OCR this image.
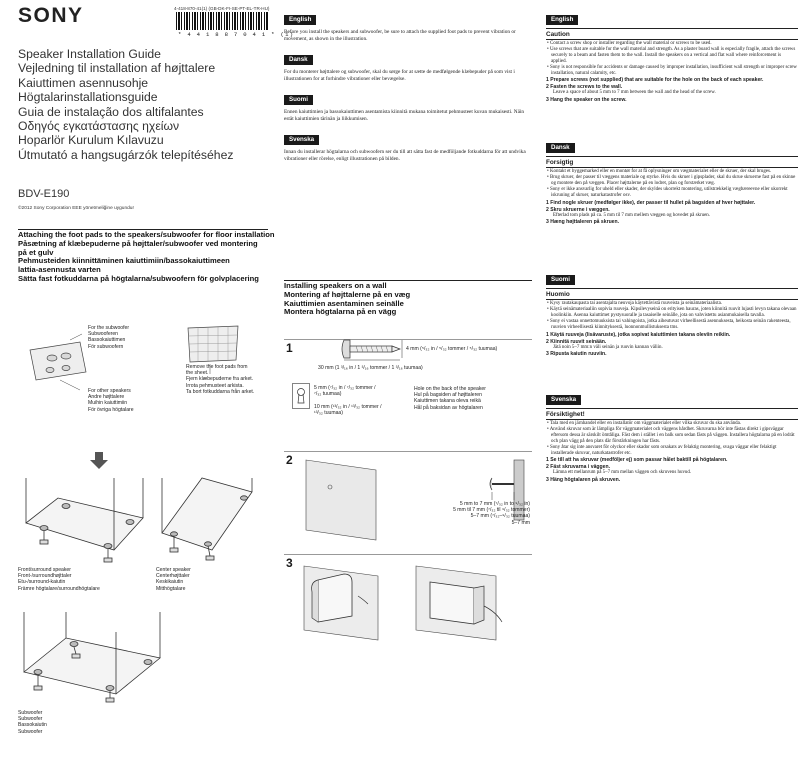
SONY	4-418-870-41(1) (GB-DK-FI-SE-PT-EL-TR-HU)
* 4 4 1 8 8 7 0 4 1 * (1)
Speaker Installation Guide
Vejledning til installation af højttalere
Kaiuttimen asennusohje
Högtalarinstallationsguide
Guia de instalação dos altifalantes
Οδηγός εγκατάστασης ηχείων
Hoparlör Kurulum Kılavuzu
Útmutató a hangsugárzók telepítéséhez
BDV-E190
©2012 Sony Corporation EEE yönetmeliğine uygundur
Attaching the foot pads to the speakers/subwoofer for floor installation
Påsætning af klæbepuderne på højttaler/subwoofer ved montering
på et gulv
Pehmusteiden kiinnittäminen kaiuttimiin/bassokaiuttimeen
lattia-asennusta varten
Sätta fast fotkuddarna på högtalarna/subwoofern för golvplacering
For the subwoofer
Subwooferen
Bassokaiuttimen
För subwoofern
For other speakers
Andre højttalere
Muihin kaiuttimiin
För övriga högtalare
Remove the foot pads from
the sheet.
Fjern klæbepuderne fra arket.
Irrota pehmusteet arkista.
Ta bort fotkuddarna från arket.
Front/surround speaker
Front-/surroundhøjttaler
Etu-/surround-kaiutin
Främre högtalare/surroundhögtalare
Center speaker
Centerhøjttaler
Keskikaiutin
Mitthögtalare
Subwoofer
Subwoofer
Bassokaiutin
Subwoofer
English
Before you install the speakers and subwoofer, be sure to attach the supplied foot pads to prevent vibration or movement, as shown in the illustration.
Dansk
For du monterer højttalere og subwoofer, skal du sørge for at sætte de medfølgende klæbepuder på som vist i illustrationen for at forhindre vibrationer eller bevægelse.
Suomi
Ennen kaiuttimien ja bassokaiuttimen asentamista kiinnitä mukana toimitetut pehmusteet kuvan mukaisesti. Näin estät kaiuttimien tärinän ja liikkumisen.
Svenska
Innan du installerar högtalarna och subwoofern ser du till att sätta fast de medföljande fotkuddarna för att undvika vibrationer eller rörelse, enligt illustrationen på bilden.
Installing speakers on a wall
Montering af højttalerne på en væg
Kaiuttimien asentaminen seinälle
Montera högtalarna på en vägg
1	4 mm (⁵/₃₂ in / ⁵/₃₂ tommer / ⁵/₃₂ tuumaa)
30 mm (1 ³/₁₆ in / 1 ³/₁₆ tommer / 1 ³/₁₆ tuumaa)
5 mm (⁷/₃₂ in / ⁷/₃₂ tommer /
⁷/₃₂ tuumaa)
10 mm (¹³/₃₂ in / ¹³/₃₂ tommer /
¹³/₃₂ tuumaa)
Hole on the back of the speaker
Hul på bagsiden af højttaleren
Kaiuttimen takana oleva reikä
Hål på baksidan av högtalaren
2
5 mm to 7 mm (⁷/₃₂ in to ⁹/₃₂ in)
5 mm til 7 mm (⁷/₃₂ til ⁹/₃₂ tommer)
5–7 mm (⁷/₃₂–⁹/₃₂ tuumaa)
5–7 mm
3
English
Caution
• Contact a screw shop or installer regarding the wall material or screws to be used.
• Use screws that are suitable for the wall material and strength. As a plaster board wall is especially fragile, attach the screws securely to a beam and fasten them to the wall. Install the speakers on a vertical and flat wall where reinforcement is applied.
• Sony is not responsible for accidents or damage caused by improper installation, insufficient wall strength or improper screw installation, natural calamity, etc.
1 Prepare screws (not supplied) that are suitable for the hole on the back of each speaker.
2 Fasten the screws to the wall.
Leave a space of about 5 mm to 7 mm between the wall and the head of the screw.
3 Hang the speaker on the screw.
Dansk
Forsigtig
• Kontakt et byggemarked eller en montør for at få oplysninger om vægmaterialet eller de skruer, der skal bruges.
• Brug skruer, der passer til væggens materiale og styrke. Hvis du skruer i gipsplader, skal du skrue skruerne fast på en skinne og montere den på væggen. Placer højttalerne på en lodret, plan og forstærket væg.
• Sony er ikke ansvarlig for uheld eller skader, der skyldes ukorrekt montering, utilstrækkelig vægbæreevne eller ukorrekt iskruning af skruer, naturkatastrofer osv.
1 Find nogle skruer (medfølger ikke), der passer til hullet på bagsiden af hver højttaler.
2 Skru skruerne i væggen.
Efterlad tom plads på ca. 5 mm til 7 mm mellem væggen og hovedet på skruen.
3 Hæng højttaleren på skruen.
Suomi
Huomio
• Kysy rautakaupasta tai asentajalta neuvoja käytettävistä ruuveista ja seinämateriaalista.
• Käytä seinämateriaaliin sopivia ruuveja. Kipsilevyseinä on erityisen hauras, joten kiinnitä ruuvit lujasti levyn takana olevaan koolinkiin. Asenna kaiuttimet pystysuoralle ja tasaiselle seinälle, jota on vahvistettu asianmukaisella tavalla.
• Sony ei vastaa onnettomuuksista tai vahingoista, jotka aiheutuvat virheellisestä asennuksesta, heikosta seinän rakenteesta, ruuvien virheellisestä kiinnityksestä, luonnonmullistuksesta tms.
1 Käytä ruuveja (lisävaruste), jotka sopivat kaiuttimien takana oleviin reikiin.
2 Kiinnitä ruuvit seinään.
Jätä noin 5–7 mm:n väli seinän ja ruuvin kannan väliin.
3 Ripusta kaiutin ruuviin.
Svenska
Försiktighet!
• Tala med en järnhandel eller en installatör om väggmaterialet eller vilka skruvar du ska använda.
• Använd skruvar som är lämpliga för väggmaterialet och väggens hårdhet. Skruvarna bör inte fästas direkt i gipsväggar eftersom dessa är särskilt ömtåliga. Fäst dem i stället i en balk som sedan fästs på väggen. Installera högtalarna på en lodrät och plan vägg på den plats där förstärkningen har fästs.
• Sony åtar sig inte ansvaret för olyckor eller skador som orsakats av felaktig montering, svaga väggar eller felaktigt installerade skruvar, naturkatastrofer etc.
1 Se till att ha skruvar (medföljer ej) som passar hålet baktill på högtalaren.
2 Fäst skruvarna i väggen.
Lämna ett mellanrum på 5–7 mm mellan väggen och skruvens huvud.
3 Häng högtalaren på skruven.
